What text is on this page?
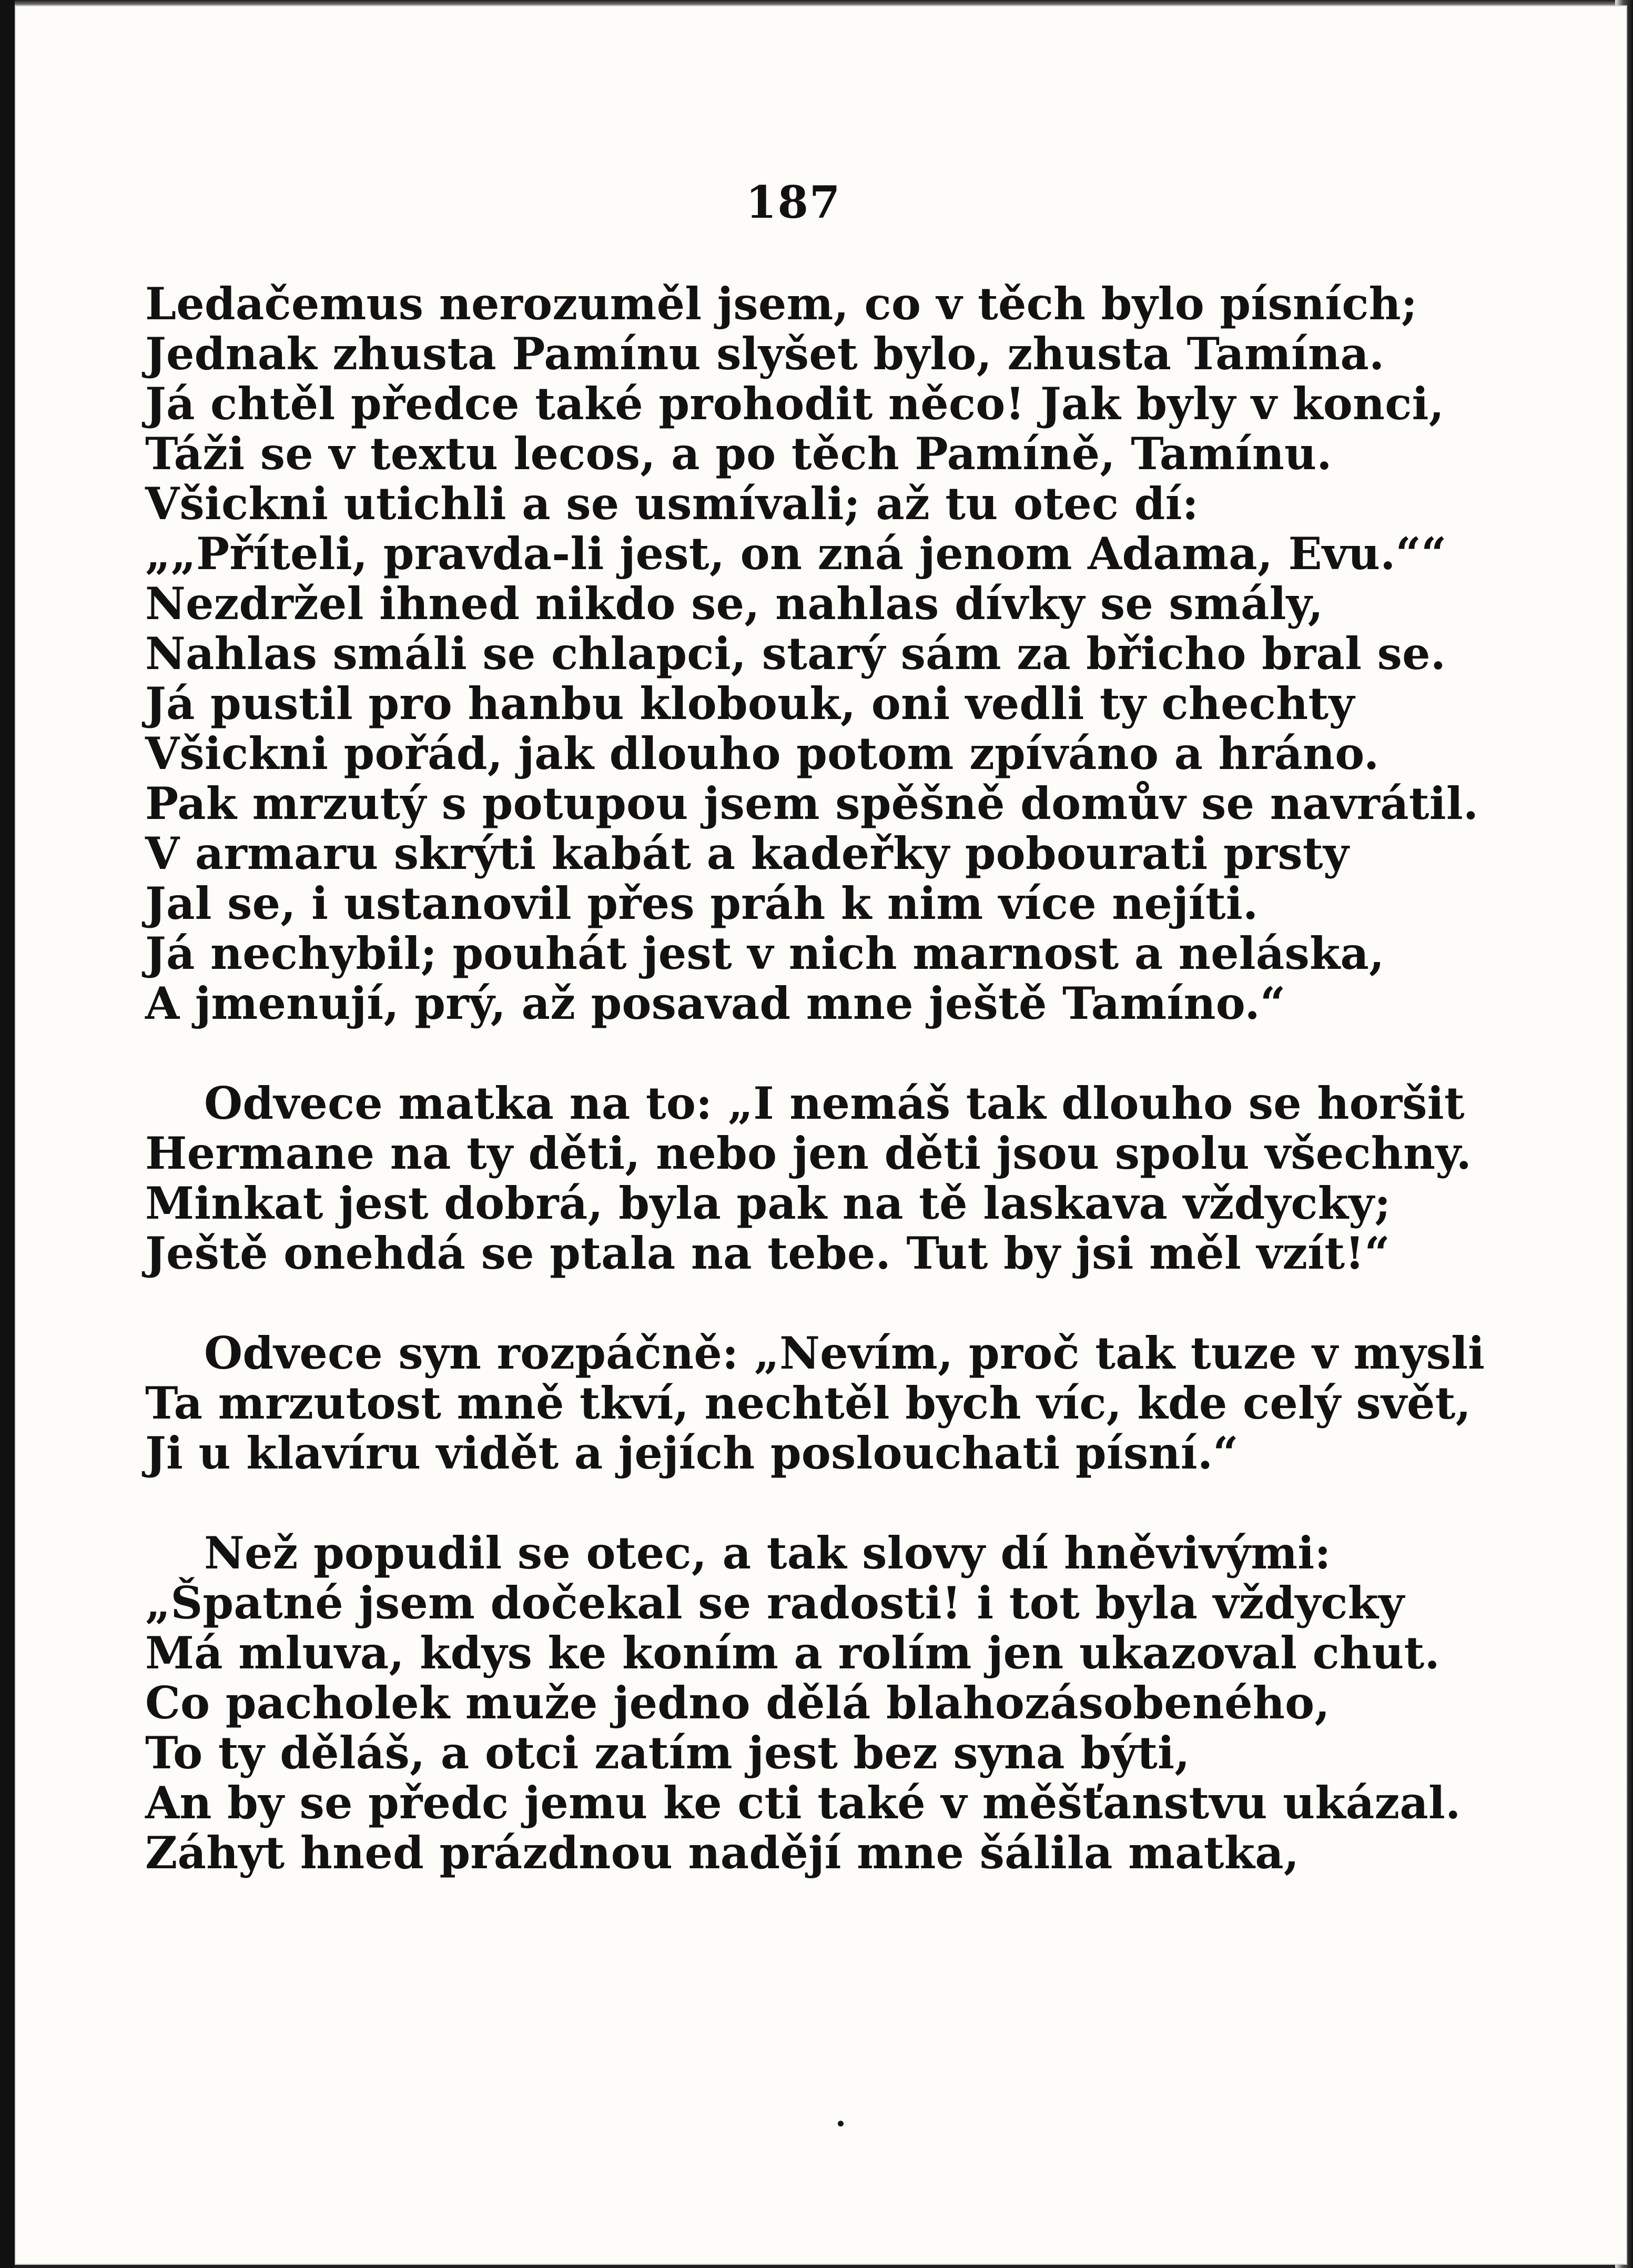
187
Ledačemus nerozuměl jsem, co v těch bylo písních;
Jednak zhusta Pamínu slyšet bylo, zhusta Tamína.
Já chtěl předce také prohodit něco! Jak byly v konci,
Táži se v textu lecos, a po těch Pamíně, Tamínu.
Všickni utichli a se usmívali; až tu otec dí:
„„Příteli, pravda-li jest, on zná jenom Adama, Evu.““
Nezdržel ihned nikdo se, nahlas dívky se smály,
Nahlas smáli se chlapci, starý sám za břicho bral se.
Já pustil pro hanbu klobouk, oni vedli ty chechty
Všickni pořád, jak dlouho potom zpíváno a hráno.
Pak mrzutý s potupou jsem spěšně domův se navrátil.
V armaru skrýti kabát a kadeřky pobourati prsty
Jal se, i ustanovil přes práh k nim více nejíti.
Já nechybil; pouhát jest v nich marnost a neláska,
A jmenují, prý, až posavad mne ještě Tamíno.“
Odvece matka na to: „I nemáš tak dlouho se horšit
Hermane na ty děti, nebo jen děti jsou spolu všechny.
Minkat jest dobrá, byla pak na tě laskava vždycky;
Ještě onehdá se ptala na tebe. Tut by jsi měl vzít!“
Odvece syn rozpáčně: „Nevím, proč tak tuze v mysli
Ta mrzutost mně tkví, nechtěl bych víc, kde celý svět,
Ji u klavíru vidět a jejích poslouchati písní.“
Než popudil se otec, a tak slovy dí hněvivými:
„Špatné jsem dočekal se radosti! i tot byla vždycky
Má mluva, kdys ke koním a rolím jen ukazoval chut.
Co pacholek muže jedno dělá blahozásobeného,
To ty děláš, a otci zatím jest bez syna býti,
An by se předc jemu ke cti také v měšťanstvu ukázal.
Záhyt hned prázdnou nadějí mne šálila matka,
